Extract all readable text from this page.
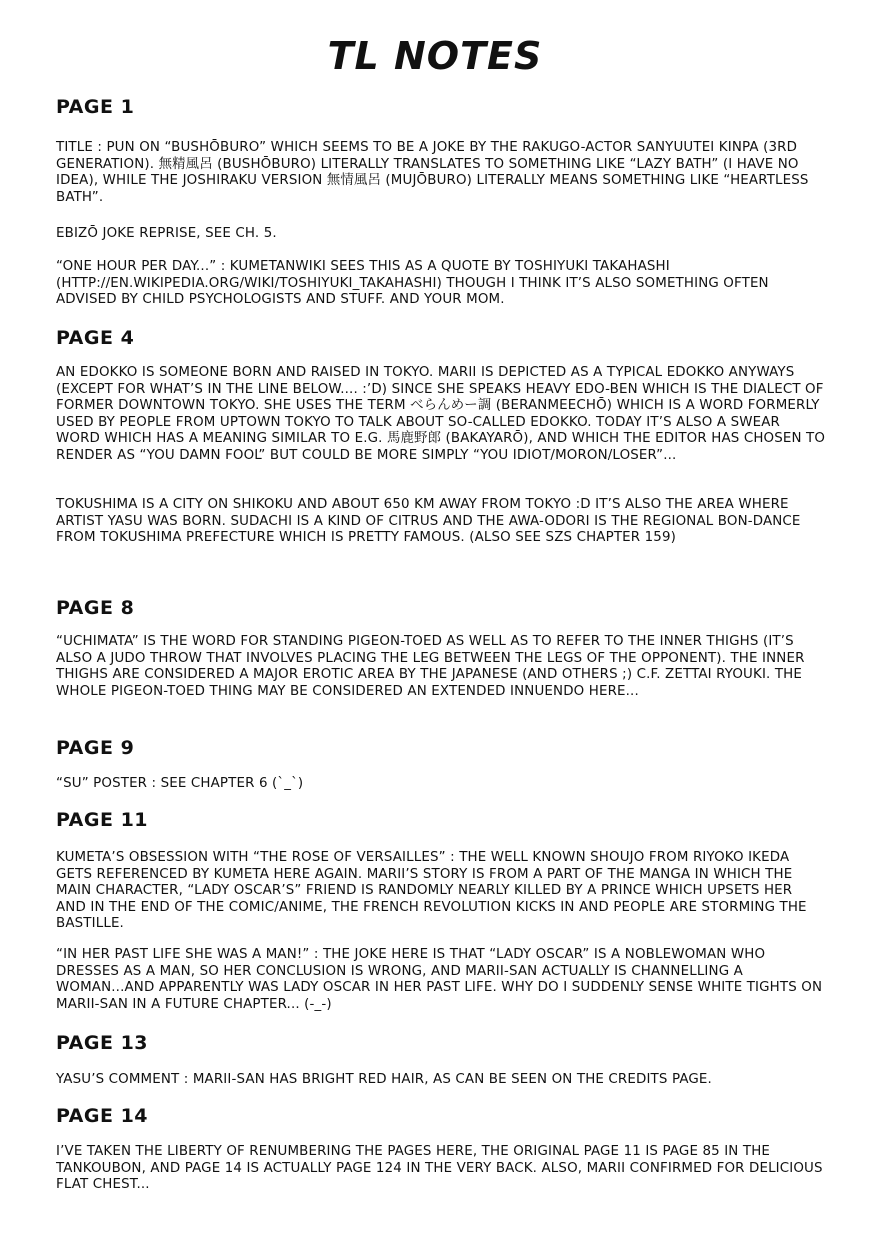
TL NOTES
PAGE 1
TITLE : PUN ON “BUSHŌBURO” WHICH SEEMS TO BE A JOKE BY THE RAKUGO-ACTOR SANYUUTEI KINPA (3RD GENERATION). 無精風呂 (BUSHŌBURO) LITERALLY TRANSLATES TO SOMETHING LIKE “LAZY BATH” (I HAVE NO IDEA), WHILE THE JOSHIRAKU VERSION 無情風呂 (MUJŌBURO) LITERALLY MEANS SOMETHING LIKE “HEARTLESS BATH”.
EBIZŌ JOKE REPRISE, SEE CH. 5.
“ONE HOUR PER DAY...” : KUMETANWIKI SEES THIS AS A QUOTE BY TOSHIYUKI TAKAHASHI (HTTP://EN.WIKIPEDIA.ORG/WIKI/TOSHIYUKI_TAKAHASHI) THOUGH I THINK IT’S ALSO SOMETHING OFTEN ADVISED BY CHILD PSYCHOLOGISTS AND STUFF. AND YOUR MOM.
PAGE 4
AN EDOKKO IS SOMEONE BORN AND RAISED IN TOKYO. MARII IS DEPICTED AS A TYPICAL EDOKKO ANYWAYS (EXCEPT FOR WHAT’S IN THE LINE BELOW.... :’D) SINCE SHE SPEAKS HEAVY EDO-BEN WHICH IS THE DIALECT OF FORMER DOWNTOWN TOKYO. SHE USES THE TERM べらんめー調 (BERANMEECHŌ) WHICH IS A WORD FORMERLY USED BY PEOPLE FROM UPTOWN TOKYO TO TALK ABOUT SO-CALLED EDOKKO. TODAY IT’S ALSO A SWEAR WORD WHICH HAS A MEANING SIMILAR TO E.G. 馬鹿野郎 (BAKAYARŌ), AND WHICH THE EDITOR HAS CHOSEN TO RENDER AS “YOU DAMN FOOL” BUT COULD BE MORE SIMPLY “YOU IDIOT/MORON/LOSER”...
TOKUSHIMA IS A CITY ON SHIKOKU AND ABOUT 650 KM AWAY FROM TOKYO :D IT’S ALSO THE AREA WHERE ARTIST YASU WAS BORN. SUDACHI IS A KIND OF CITRUS AND THE AWA-ODORI IS THE REGIONAL BON-DANCE FROM TOKUSHIMA PREFECTURE WHICH IS PRETTY FAMOUS. (ALSO SEE SZS CHAPTER 159)
PAGE 8
“UCHIMATA” IS THE WORD FOR STANDING PIGEON-TOED AS WELL AS TO REFER TO THE INNER THIGHS (IT’S ALSO A JUDO THROW THAT INVOLVES PLACING THE LEG BETWEEN THE LEGS OF THE OPPONENT). THE INNER THIGHS ARE CONSIDERED A MAJOR EROTIC AREA BY THE JAPANESE (AND OTHERS ;) C.F. ZETTAI RYOUKI. THE WHOLE PIGEON-TOED THING MAY BE CONSIDERED AN EXTENDED INNUENDO HERE...
PAGE 9
“SU” POSTER : SEE CHAPTER 6 (`_`)
PAGE 11
KUMETA’S OBSESSION WITH “THE ROSE OF VERSAILLES” : THE WELL KNOWN SHOUJO FROM RIYOKO IKEDA GETS REFERENCED BY KUMETA HERE AGAIN. MARII’S STORY IS FROM A PART OF THE MANGA IN WHICH THE MAIN CHARACTER, “LADY OSCAR’S” FRIEND IS RANDOMLY NEARLY KILLED BY A PRINCE WHICH UPSETS HER AND IN THE END OF THE COMIC/ANIME, THE FRENCH REVOLUTION KICKS IN AND PEOPLE ARE STORMING THE BASTILLE.
“IN HER PAST LIFE SHE WAS A MAN!” : THE JOKE HERE IS THAT “LADY OSCAR” IS A NOBLEWOMAN WHO DRESSES AS A MAN, SO HER CONCLUSION IS WRONG, AND MARII-SAN ACTUALLY IS CHANNELLING A WOMAN...AND APPARENTLY WAS LADY OSCAR IN HER PAST LIFE. WHY DO I SUDDENLY SENSE WHITE TIGHTS ON MARII-SAN IN A FUTURE CHAPTER... (-_-)
PAGE 13
YASU’S COMMENT : MARII-SAN HAS BRIGHT RED HAIR, AS CAN BE SEEN ON THE CREDITS PAGE.
PAGE 14
I’VE TAKEN THE LIBERTY OF RENUMBERING THE PAGES HERE, THE ORIGINAL PAGE 11 IS PAGE 85 IN THE TANKOUBON, AND PAGE 14 IS ACTUALLY PAGE 124 IN THE VERY BACK. ALSO, MARII CONFIRMED FOR DELICIOUS FLAT CHEST...
